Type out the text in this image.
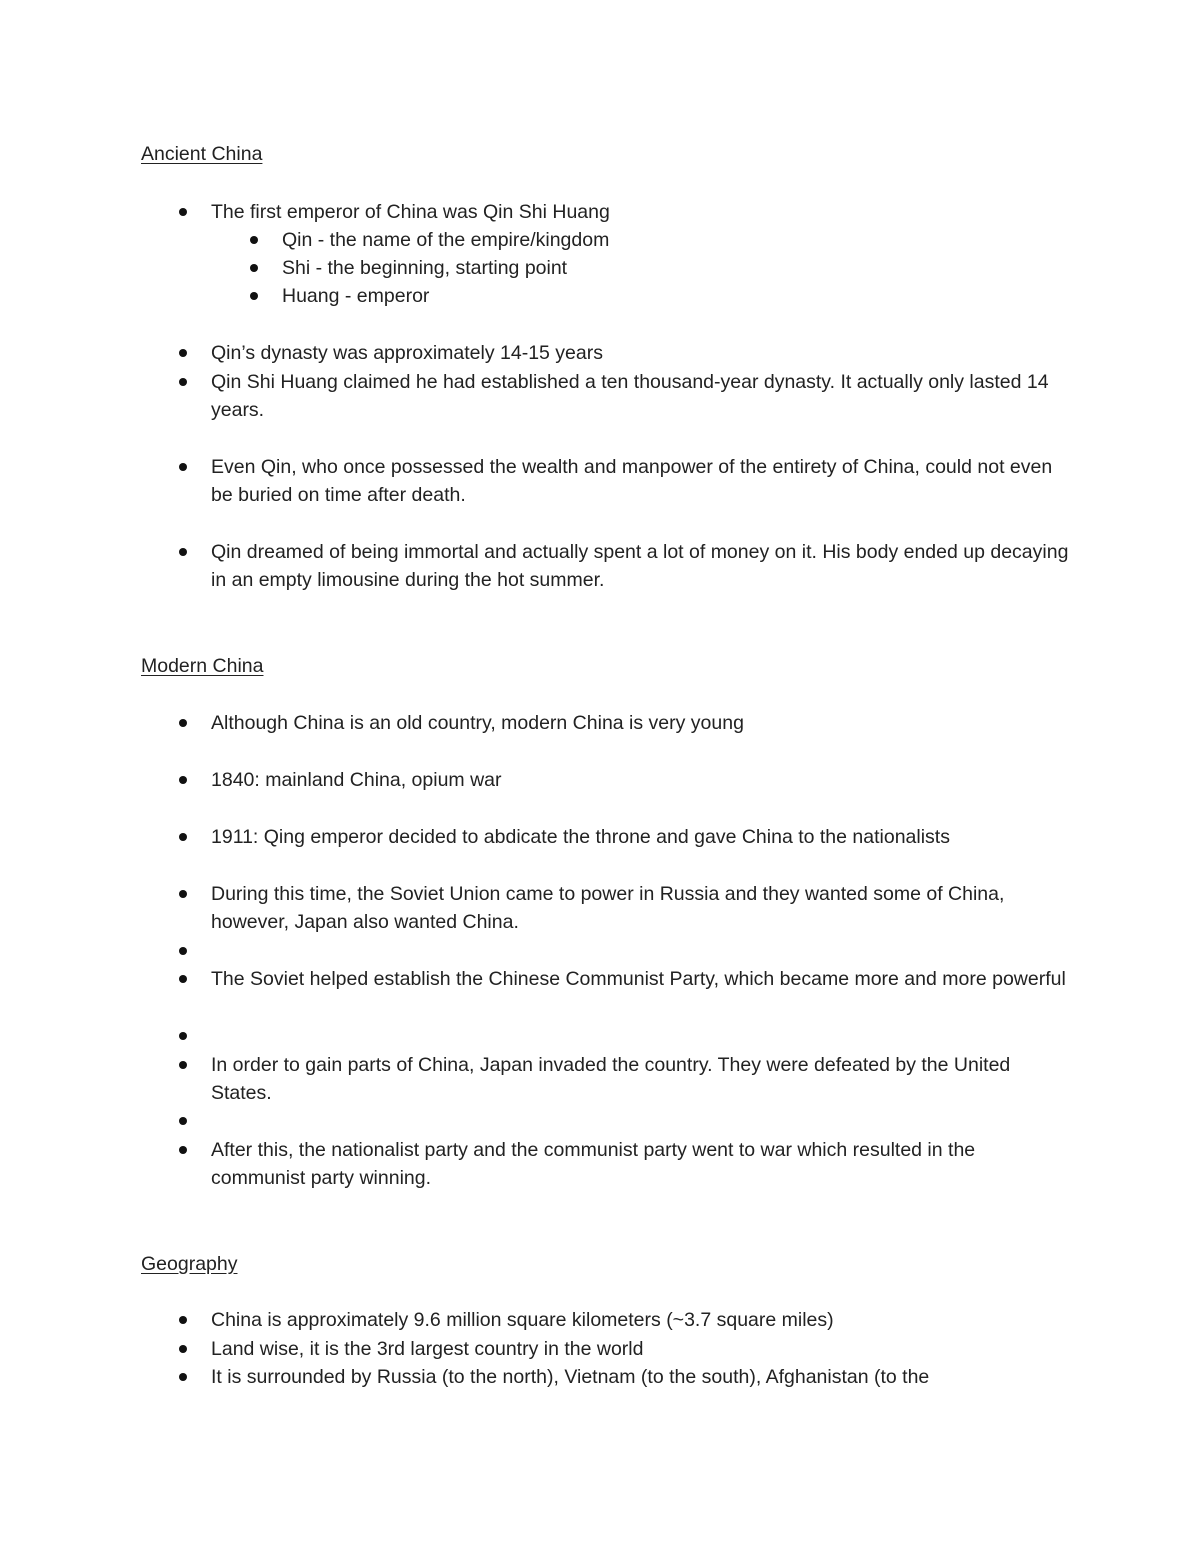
Ancient China
The first emperor of China was Qin Shi Huang
Qin - the name of the empire/kingdom
Shi - the beginning, starting point
Huang - emperor
Qin’s dynasty was approximately 14-15 years
Qin Shi Huang claimed he had established a ten thousand-year dynasty. It actually only lasted 14 years.
Even Qin, who once possessed the wealth and manpower of the entirety of China, could not even be buried on time after death.
Qin dreamed of being immortal and actually spent a lot of money on it. His body ended up decaying in an empty limousine during the hot summer.
Modern China
Although China is an old country, modern China is very young
1840: mainland China, opium war
1911: Qing emperor decided to abdicate the throne and gave China to the nationalists
During this time, the Soviet Union came to power in Russia and they wanted some of China, however, Japan also wanted China.
The Soviet helped establish the Chinese Communist Party, which became more and more powerful
In order to gain parts of China, Japan invaded the country. They were defeated by the United States.
After this, the nationalist party and the communist party went to war which resulted in the communist party winning.
Geography
China is approximately 9.6 million square kilometers (~3.7 square miles)
Land wise, it is the 3rd largest country in the world
It is surrounded by Russia (to the north), Vietnam (to the south), Afghanistan (to the
